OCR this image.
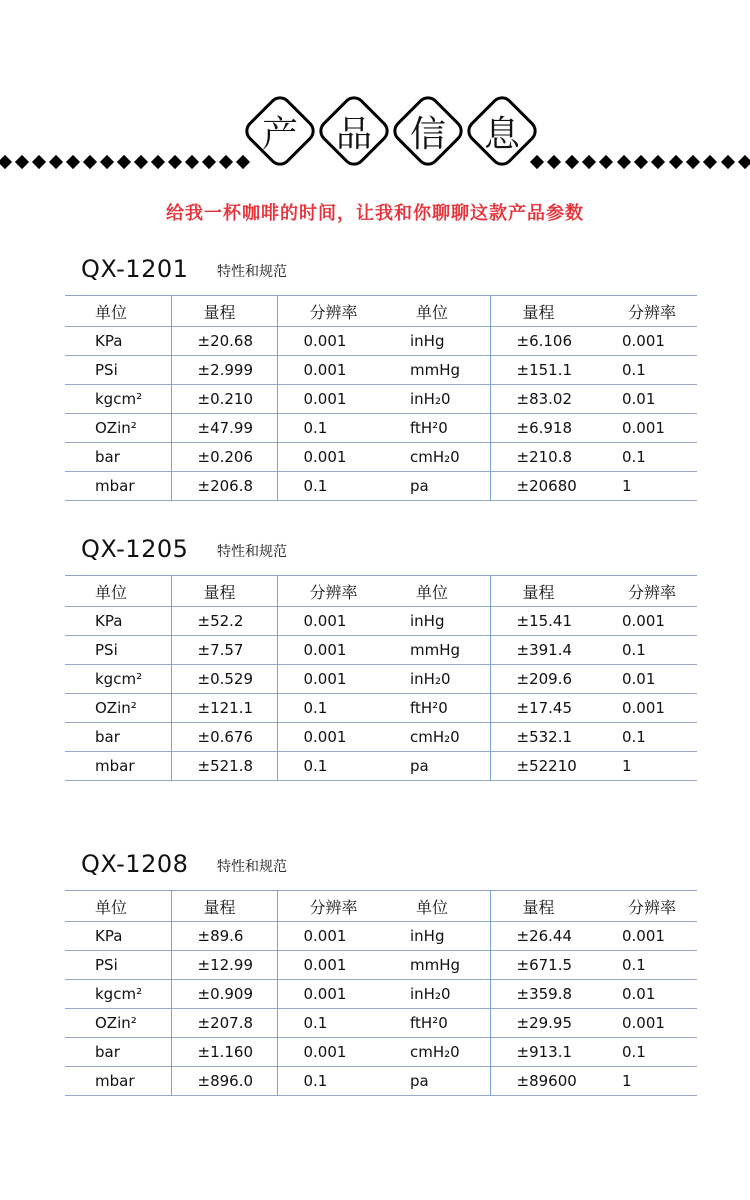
产	品	信	息
给我一杯咖啡的时间，让我和你聊聊这款产品参数
QX-1201 特性和规范
单位	量程	分辨率	单位	量程	分辨率
KPa	±20.68	0.001	inHg	±6.106	0.001
PSi	±2.999	0.001	mmHg	±151.1	0.1
kgcm²	±0.210	0.001	inH₂0	±83.02	0.01
OZin²	±47.99	0.1	ftH²0	±6.918	0.001
bar	±0.206	0.001	cmH₂0	±210.8	0.1
mbar	±206.8	0.1	pa	±20680	1
QX-1205 特性和规范
单位	量程	分辨率	单位	量程	分辨率
KPa	±52.2	0.001	inHg	±15.41	0.001
PSi	±7.57	0.001	mmHg	±391.4	0.1
kgcm²	±0.529	0.001	inH₂0	±209.6	0.01
OZin²	±121.1	0.1	ftH²0	±17.45	0.001
bar	±0.676	0.001	cmH₂0	±532.1	0.1
mbar	±521.8	0.1	pa	±52210	1
QX-1208 特性和规范
单位	量程	分辨率	单位	量程	分辨率
KPa	±89.6	0.001	inHg	±26.44	0.001
PSi	±12.99	0.001	mmHg	±671.5	0.1
kgcm²	±0.909	0.001	inH₂0	±359.8	0.01
OZin²	±207.8	0.1	ftH²0	±29.95	0.001
bar	±1.160	0.001	cmH₂0	±913.1	0.1
mbar	±896.0	0.1	pa	±89600	1
